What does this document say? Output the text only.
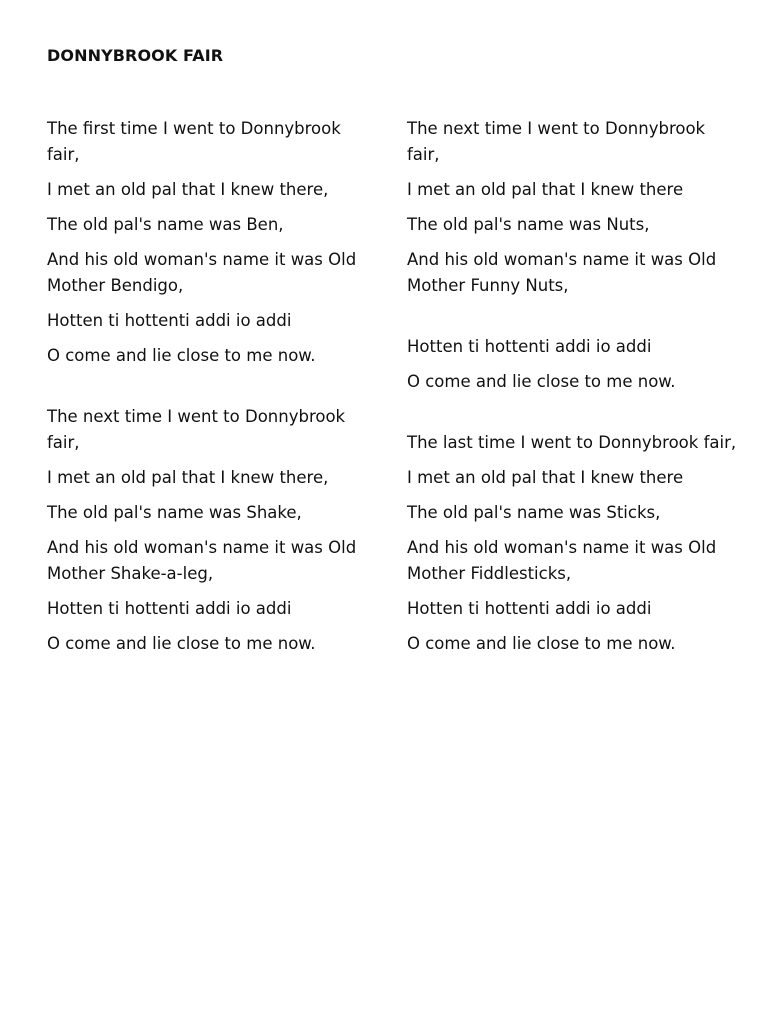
DONNYBROOK FAIR

The first time I went to Donnybrook fair,

I met an old pal that I knew there,

The old pal's name was Ben,

And his old woman's name it was Old Mother Bendigo,

Hotten ti hottenti addi io addi

O come and lie close to me now.

The next time I went to Donnybrook fair,

I met an old pal that I knew there,

The old pal's name was Shake,

And his old woman's name it was Old Mother Shake-a-leg,

Hotten ti hottenti addi io addi

O come and lie close to me now.

The next time I went to Donnybrook fair,

I met an old pal that I knew there

The old pal's name was Nuts,

And his old woman's name it was Old Mother Funny Nuts,

Hotten ti hottenti addi io addi

O come and lie close to me now.

The last time I went to Donnybrook fair,

I met an old pal that I knew there

The old pal's name was Sticks,

And his old woman's name it was Old Mother Fiddlesticks,

Hotten ti hottenti addi io addi

O come and lie close to me now.
